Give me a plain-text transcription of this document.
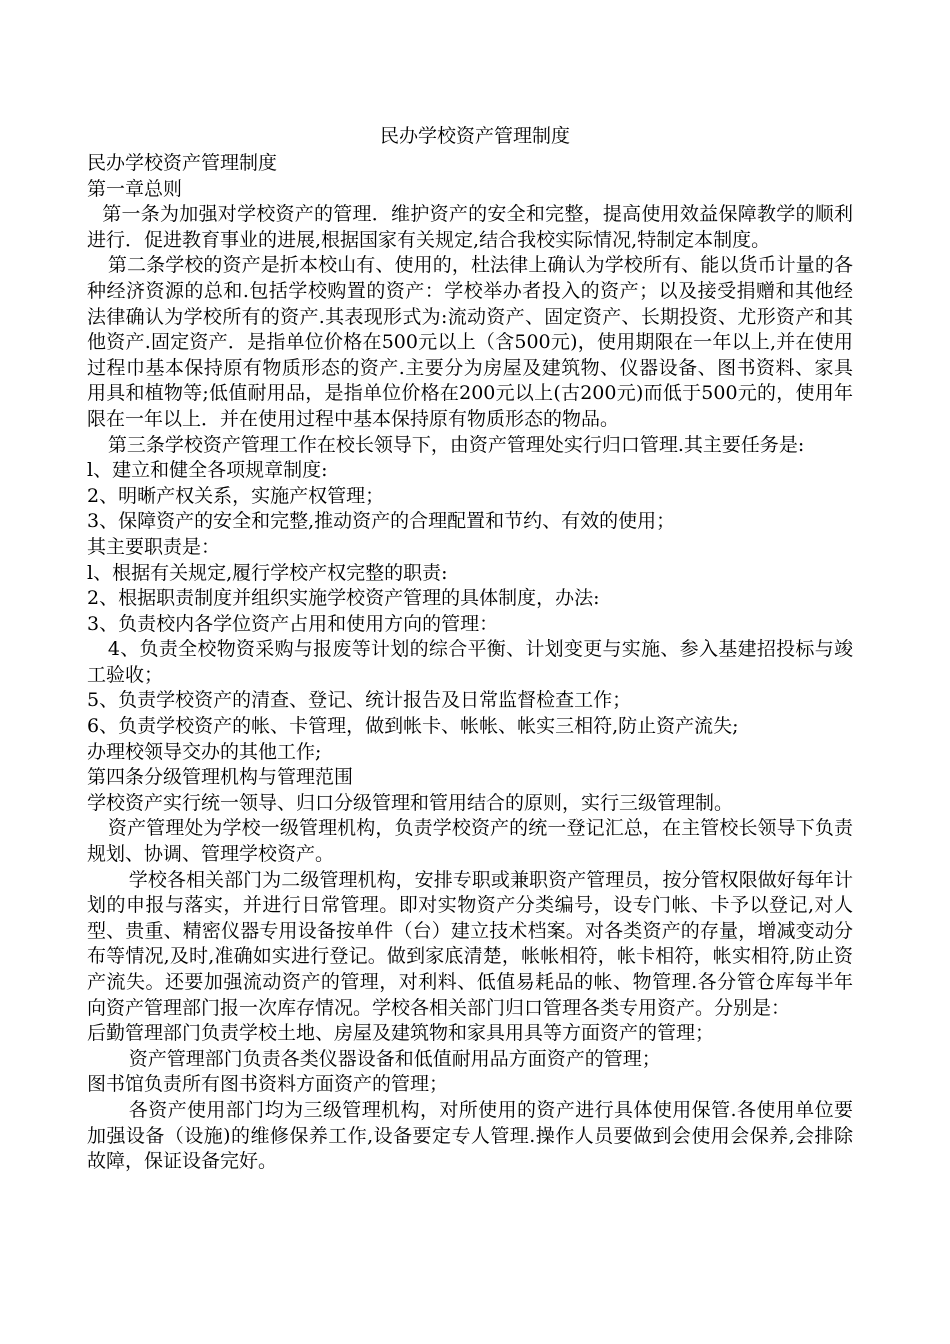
民办学校资产管理制度

民办学校资产管理制度

第一章总则

第一条为加强对学校资产的管理．维护资产的安全和完整，提高使用效益保障教学的顺利进行．促进教育事业的进展,根据国家有关规定,结合我校实际情况,特制定本制度。

第二条学校的资产是折本校山有、使用的，杜法律上确认为学校所有、能以货币计量的各种经济资源的总和.包括学校购置的资产：学校举办者投入的资产；以及接受捐赠和其他经法律确认为学校所有的资产.其表现形式为:流动资产、固定资产、长期投资、尤形资产和其他资产.固定资产．是指单位价格在500元以上（含500元)，使用期限在一年以上,并在使用过程巾基本保持原有物质形态的资产.主要分为房屋及建筑物、仪器设备、图书资料、家具用具和植物等;低值耐用品，是指单位价格在200元以上(古200元)而低于500元的，使用年限在一年以上．并在使用过程中基本保持原有物质形态的物品。

第三条学校资产管理工作在校长领导下，由资产管理处实行归口管理.其主要任务是:

l、建立和健全各项规章制度:

2、明晰产权关系，实施产权管理；

3、保障资产的安全和完整,推动资产的合理配置和节约、有效的使用；

其主要职责是：

l、根据有关规定,履行学校产权完整的职责:

2、根据职责制度并组织实施学校资产管理的具体制度，办法:

3、负责校内各学位资产占用和使用方向的管理：

4、负责全校物资采购与报废等计划的综合平衡、计划变更与实施、参入基建招投标与竣工验收；

5、负责学校资产的清查、登记、统计报告及日常监督检查工作；

6、负责学校资产的帐、卡管理，做到帐卡、帐帐、帐实三相符,防止资产流失;

办理校领导交办的其他工作;

第四条分级管理机构与管理范围

学校资产实行统一领导、归口分级管理和管用结合的原则，实行三级管理制。

资产管理处为学校一级管理机构，负责学校资产的统一登记汇总，在主管校长领导下负责规划、协调、管理学校资产。

学校各相关部门为二级管理机构，安排专职或兼职资产管理员，按分管权限做好每年计划的申报与落实，并进行日常管理。即对实物资产分类编号，设专门帐、卡予以登记,对人型、贵重、精密仪器专用设备按单件（台）建立技术档案。对各类资产的存量，增减变动分布等情况,及时,准确如实进行登记。做到家底清楚，帐帐相符，帐卡相符，帐实相符,防止资产流失。还要加强流动资产的管理，对利料、低值易耗品的帐、物管理.各分管仓库每半年向资产管理部门报一次库存情况。学校各相关部门归口管理各类专用资产。分别是：

后勤管理部门负责学校土地、房屋及建筑物和家具用具等方面资产的管理；

资产管理部门负责各类仪器设备和低值耐用品方面资产的管理；

图书馆负责所有图书资料方面资产的管理；

各资产使用部门均为三级管理机构，对所使用的资产进行具体使用保管.各使用单位要加强设备（设施)的维修保养工作,设备要定专人管理.操作人员要做到会使用会保养,会排除故障，保证设备完好。
